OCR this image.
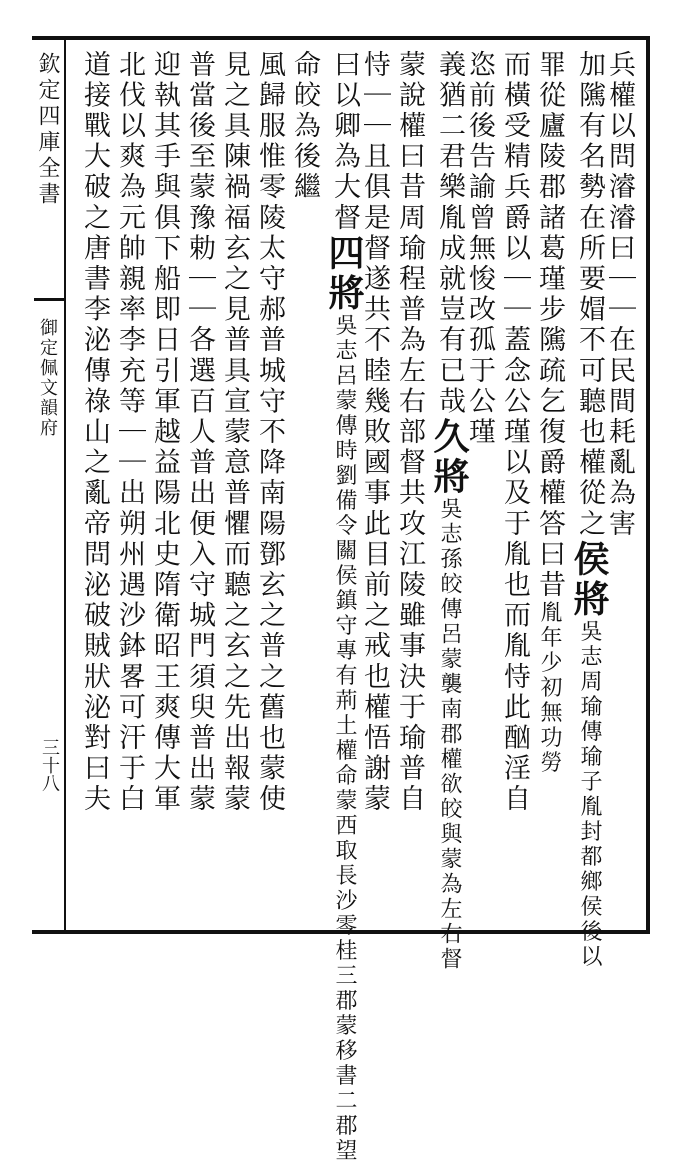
欽定四庫全書
御定佩文韻府
三十八
兵權以問濬濬曰｜｜在民間耗亂為害
加隲有名勢在所要媢不可聽也權從之侯將吳志周瑜傳瑜子胤封都鄉侯後以
罪從廬陵郡諸葛瑾步隲疏乞復爵權答曰昔胤年少初無功勞
而橫受精兵爵以｜｜蓋念公瑾以及于胤也而胤恃此酗淫自
恣前後告諭曾無悛改孤于公瑾
義猶二君樂胤成就豈有已哉久將吳志孫皎傳呂蒙襲南郡權欲皎與蒙為左右督
蒙說權曰昔周瑜程普為左右部督共攻江陵雖事決于瑜普自
恃｜｜且俱是督遂共不睦幾敗國事此目前之戒也權悟謝蒙
曰以卿為大督四將吳志呂蒙傳時劉備令關侯鎮守專有荊土權命蒙西取長沙零桂三郡蒙移書二郡望
命皎為後繼
風歸服惟零陵太守郝普城守不降南陽鄧玄之普之舊也蒙使
見之具陳禍福玄之見普具宣蒙意普懼而聽之玄之先出報蒙
普當後至蒙豫勅｜｜各選百人普出便入守城門須臾普出蒙
迎執其手與俱下船即日引軍越益陽北史隋衛昭王爽傳大軍
北伐以爽為元帥親率李充等｜｜出朔州遇沙鉢畧可汗于白
道接戰大破之唐書李泌傳祿山之亂帝問泌破賊狀泌對曰夫
